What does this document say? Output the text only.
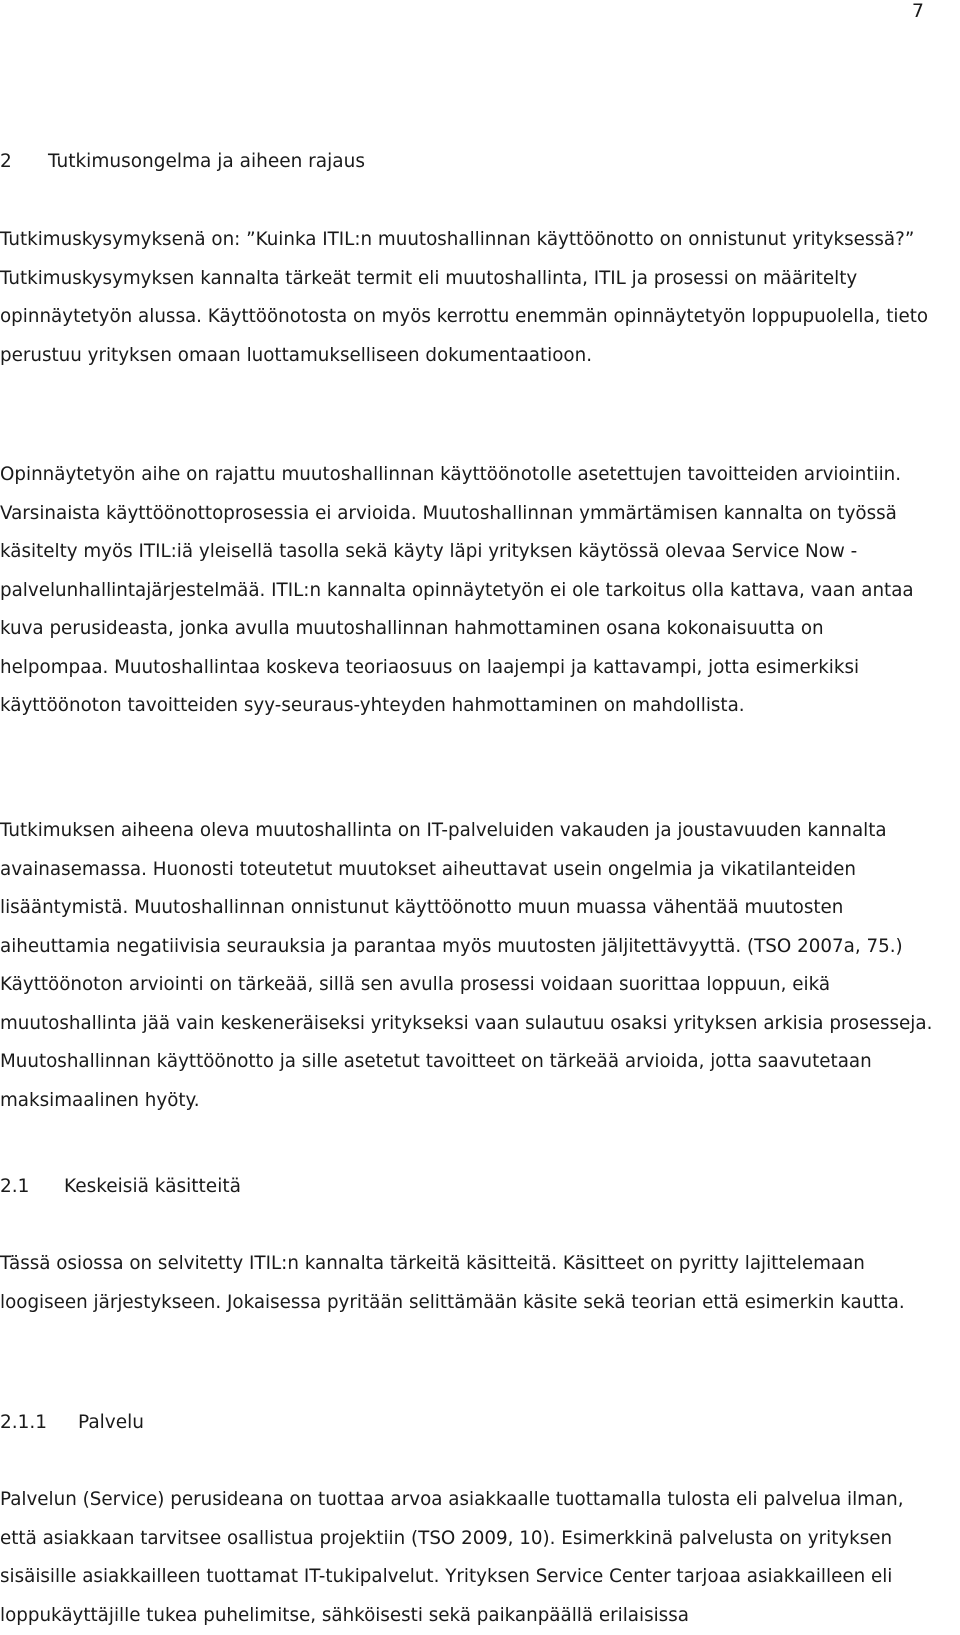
7
2 Tutkimusongelma ja aiheen rajaus

Tutkimuskysymyksenä on: ”Kuinka ITIL:n muutoshallinnan käyttöönotto on onnistunut yrityksessä?” Tutkimuskysymyksen kannalta tärkeät termit eli muutoshallinta, ITIL ja prosessi on määritelty opinnäytetyön alussa. Käyttöönotosta on myös kerrottu enemmän opinnäytetyön loppupuolella, tieto perustuu yrityksen omaan luottamukselliseen dokumentaatioon.

Opinnäytetyön aihe on rajattu muutoshallinnan käyttöönotolle asetettujen tavoitteiden arviointiin. Varsinaista käyttöönottoprosessia ei arvioida. Muutoshallinnan ymmärtämisen kannalta on työssä käsitelty myös ITIL:iä yleisellä tasolla sekä käyty läpi yrityksen käytössä olevaa Service Now -palvelunhallintajärjestelmää. ITIL:n kannalta opinnäytetyön ei ole tarkoitus olla kattava, vaan antaa kuva perusideasta, jonka avulla muutoshallinnan hahmottaminen osana kokonaisuutta on helpompaa. Muutoshallintaa koskeva teoriaosuus on laajempi ja kattavampi, jotta esimerkiksi käyttöönoton tavoitteiden syy-seuraus-yhteyden hahmottaminen on mahdollista.

Tutkimuksen aiheena oleva muutoshallinta on IT-palveluiden vakauden ja joustavuuden kannalta avainasemassa. Huonosti toteutetut muutokset aiheuttavat usein ongelmia ja vikatilanteiden lisääntymistä. Muutoshallinnan onnistunut käyttöönotto muun muassa vähentää muutosten aiheuttamia negatiivisia seurauksia ja parantaa myös muutosten jäljitettävyyttä. (TSO 2007a, 75.) Käyttöönoton arviointi on tärkeää, sillä sen avulla prosessi voidaan suorittaa loppuun, eikä muutoshallinta jää vain keskeneräiseksi yritykseksi vaan sulautuu osaksi yrityksen arkisia prosesseja. Muutoshallinnan käyttöönotto ja sille asetetut tavoitteet on tärkeää arvioida, jotta saavutetaan maksimaalinen hyöty.

2.1 Keskeisiä käsitteitä

Tässä osiossa on selvitetty ITIL:n kannalta tärkeitä käsitteitä. Käsitteet on pyritty lajittelemaan loogiseen järjestykseen. Jokaisessa pyritään selittämään käsite sekä teorian että esimerkin kautta.

2.1.1 Palvelu

Palvelun (Service) perusideana on tuottaa arvoa asiakkaalle tuottamalla tulosta eli palvelua ilman, että asiakkaan tarvitsee osallistua projektiin (TSO 2009, 10). Esimerkkinä palvelusta on yrityksen sisäisille asiakkailleen tuottamat IT-tukipalvelut. Yrityksen Service Center tarjoaa asiakkailleen eli loppukäyttäjille tukea puhelimitse, sähköisesti sekä paikanpäällä erilaisissa
